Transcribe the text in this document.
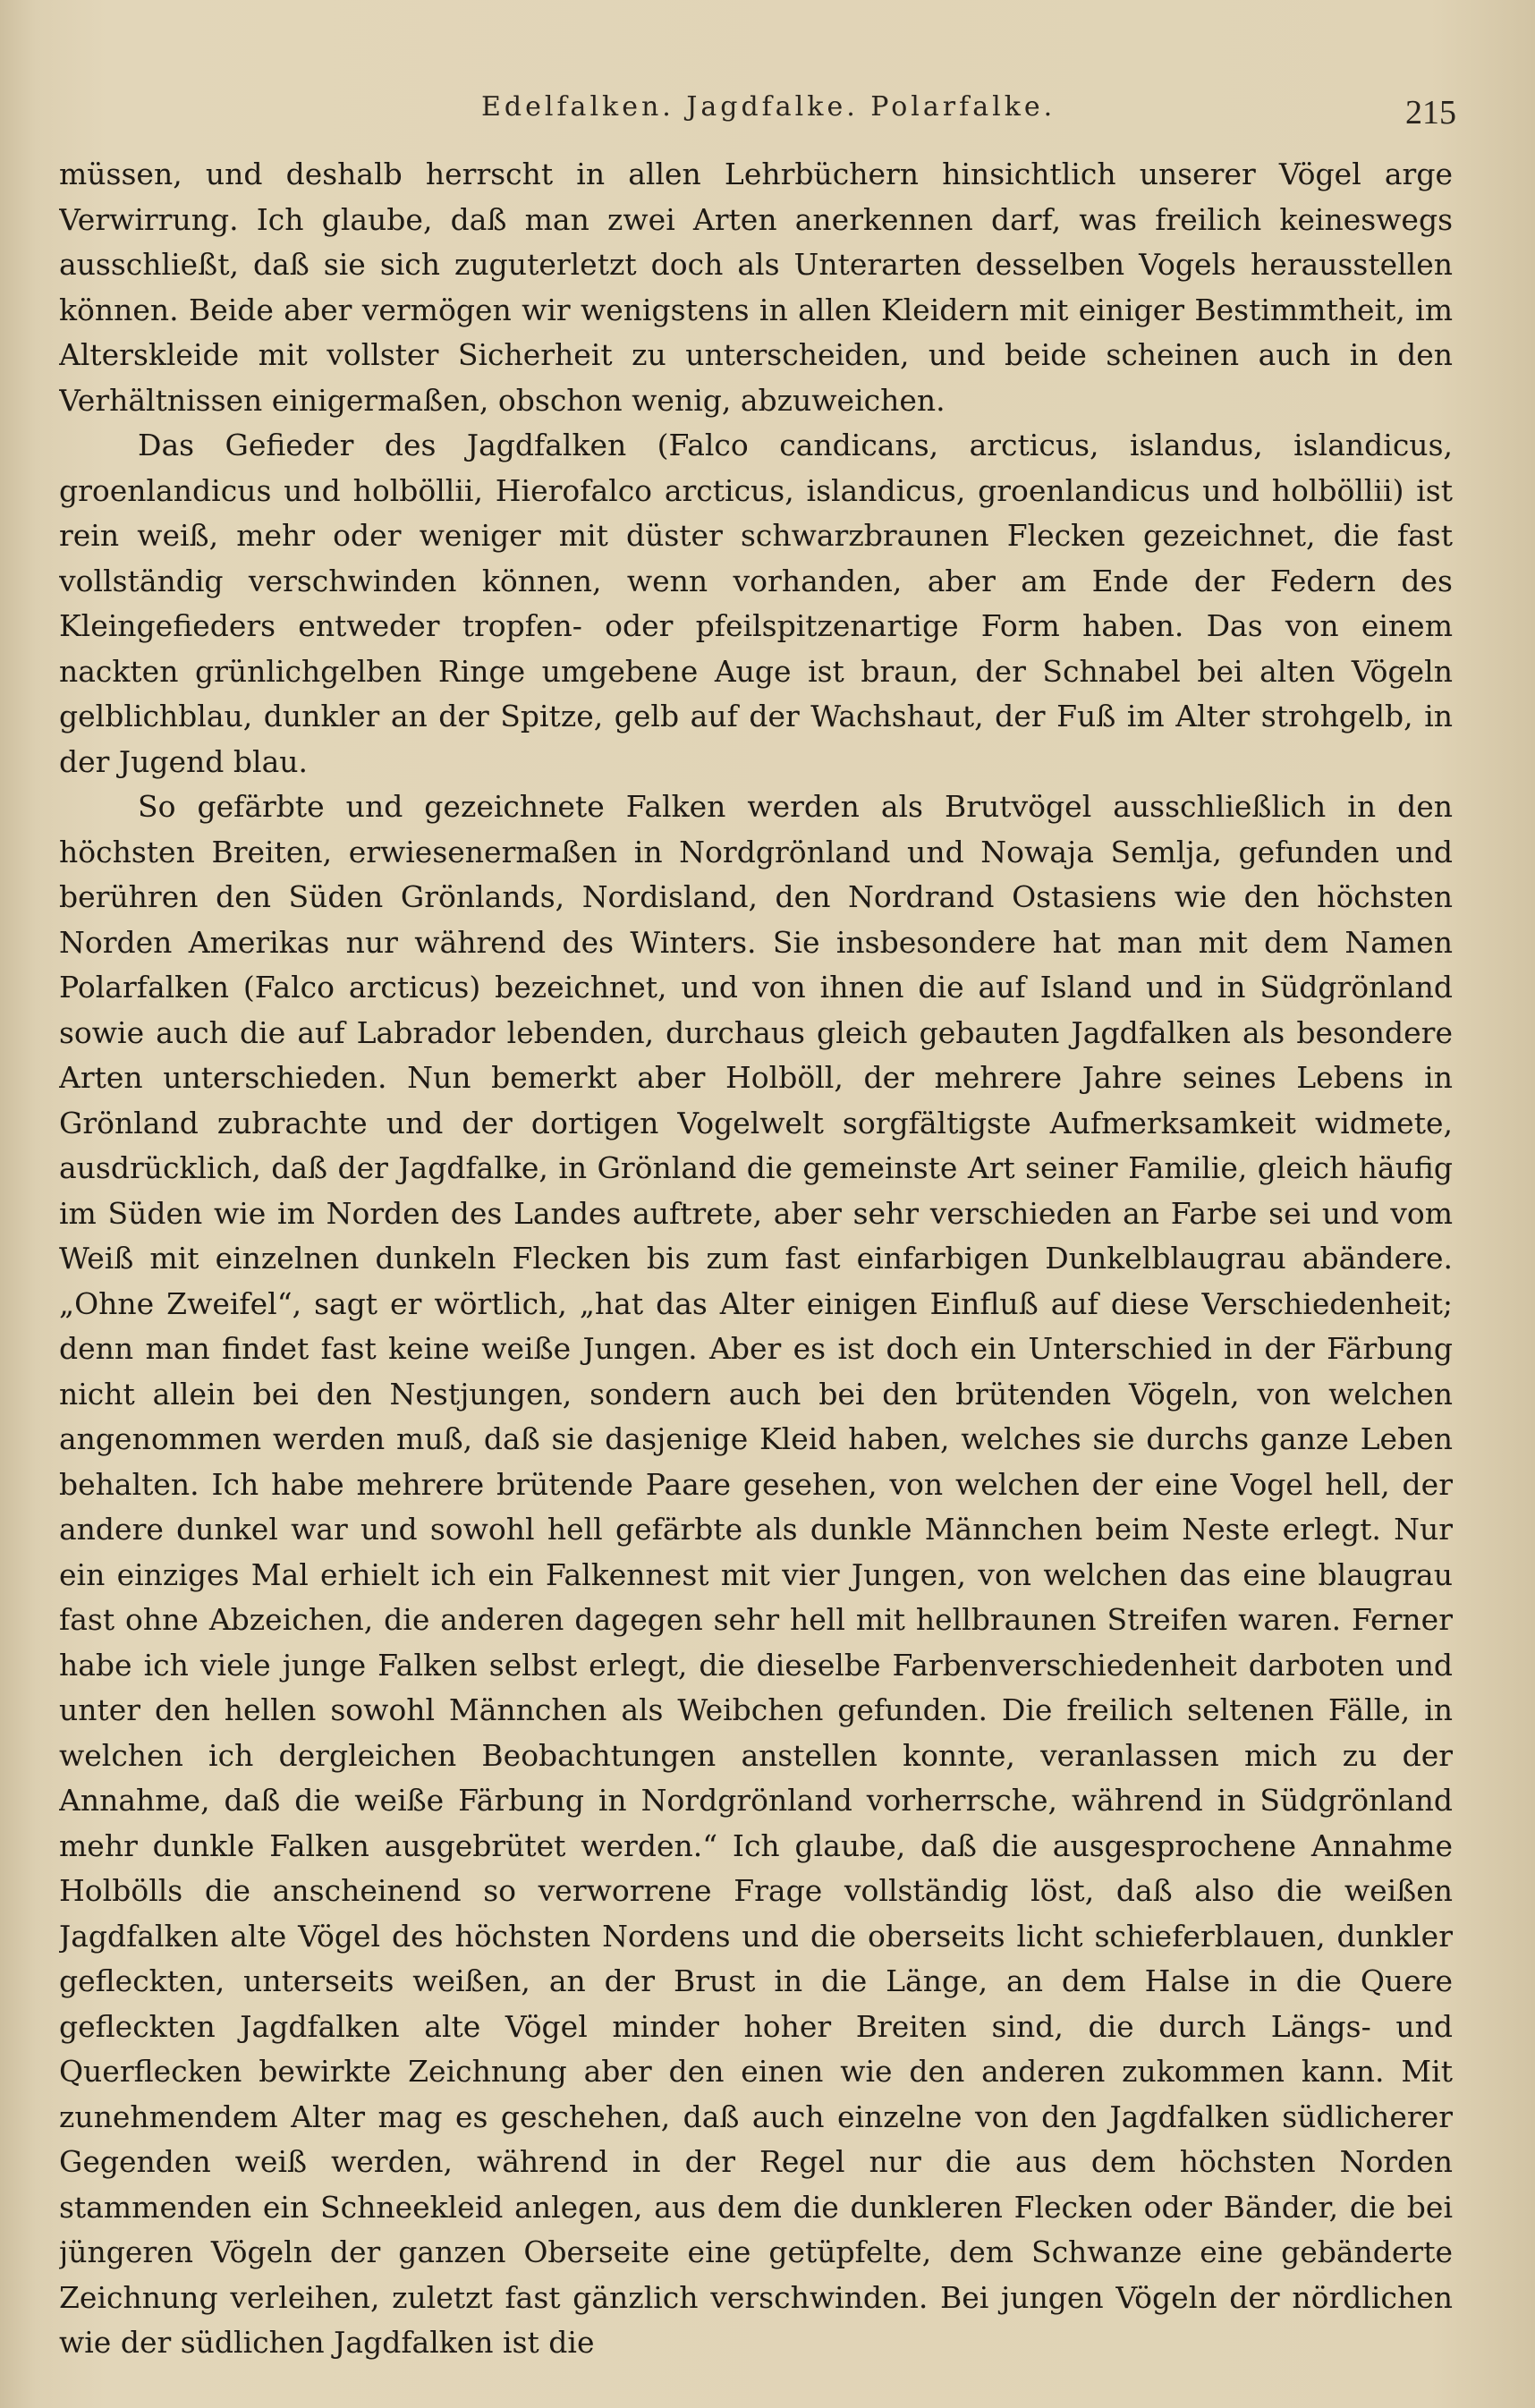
Edelfalken. Jagdfalke. Polarfalke.	215

müssen, und deshalb herrscht in allen Lehrbüchern hinsichtlich unserer Vögel arge Verwirrung. Ich glaube, daß man zwei Arten anerkennen darf, was freilich keineswegs ausschließt, daß sie sich zuguterletzt doch als Unterarten desselben Vogels herausstellen können. Beide aber vermögen wir wenigstens in allen Kleidern mit einiger Bestimmtheit, im Alterskleide mit vollster Sicherheit zu unterscheiden, und beide scheinen auch in den Verhältnissen einigermaßen, obschon wenig, abzuweichen.

Das Gefieder des Jagdfalken (Falco candicans, arcticus, islandus, islandicus, groenlandicus und holböllii, Hierofalco arcticus, islandicus, groenlandicus und holböllii) ist rein weiß, mehr oder weniger mit düster schwarzbraunen Flecken gezeichnet, die fast vollständig verschwinden können, wenn vorhanden, aber am Ende der Federn des Kleingefieders entweder tropfen- oder pfeilspitzenartige Form haben. Das von einem nackten grünlichgelben Ringe umgebene Auge ist braun, der Schnabel bei alten Vögeln gelblichblau, dunkler an der Spitze, gelb auf der Wachshaut, der Fuß im Alter strohgelb, in der Jugend blau.

So gefärbte und gezeichnete Falken werden als Brutvögel ausschließlich in den höchsten Breiten, erwiesenermaßen in Nordgrönland und Nowaja Semlja, gefunden und berühren den Süden Grönlands, Nordisland, den Nordrand Ostasiens wie den höchsten Norden Amerikas nur während des Winters. Sie insbesondere hat man mit dem Namen Polarfalken (Falco arcticus) bezeichnet, und von ihnen die auf Island und in Südgrönland sowie auch die auf Labrador lebenden, durchaus gleich gebauten Jagdfalken als besondere Arten unterschieden. Nun bemerkt aber Holböll, der mehrere Jahre seines Lebens in Grönland zubrachte und der dortigen Vogelwelt sorgfältigste Aufmerksamkeit widmete, ausdrücklich, daß der Jagdfalke, in Grönland die gemeinste Art seiner Familie, gleich häufig im Süden wie im Norden des Landes auftrete, aber sehr verschieden an Farbe sei und vom Weiß mit einzelnen dunkeln Flecken bis zum fast einfarbigen Dunkelblaugrau abändere. „Ohne Zweifel“, sagt er wörtlich, „hat das Alter einigen Einfluß auf diese Verschiedenheit; denn man findet fast keine weiße Jungen. Aber es ist doch ein Unterschied in der Färbung nicht allein bei den Nestjungen, sondern auch bei den brütenden Vögeln, von welchen angenommen werden muß, daß sie dasjenige Kleid haben, welches sie durchs ganze Leben behalten. Ich habe mehrere brütende Paare gesehen, von welchen der eine Vogel hell, der andere dunkel war und sowohl hell gefärbte als dunkle Männchen beim Neste erlegt. Nur ein einziges Mal erhielt ich ein Falkennest mit vier Jungen, von welchen das eine blaugrau fast ohne Abzeichen, die anderen dagegen sehr hell mit hellbraunen Streifen waren. Ferner habe ich viele junge Falken selbst erlegt, die dieselbe Farbenverschiedenheit darboten und unter den hellen sowohl Männchen als Weibchen gefunden. Die freilich seltenen Fälle, in welchen ich dergleichen Beobachtungen anstellen konnte, veranlassen mich zu der Annahme, daß die weiße Färbung in Nordgrönland vorherrsche, während in Südgrönland mehr dunkle Falken ausgebrütet werden.“ Ich glaube, daß die ausgesprochene Annahme Holbölls die anscheinend so verworrene Frage vollständig löst, daß also die weißen Jagdfalken alte Vögel des höchsten Nordens und die oberseits licht schieferblauen, dunkler gefleckten, unterseits weißen, an der Brust in die Länge, an dem Halse in die Quere gefleckten Jagdfalken alte Vögel minder hoher Breiten sind, die durch Längs- und Querflecken bewirkte Zeichnung aber den einen wie den anderen zukommen kann. Mit zunehmendem Alter mag es geschehen, daß auch einzelne von den Jagdfalken südlicherer Gegenden weiß werden, während in der Regel nur die aus dem höchsten Norden stammenden ein Schneekleid anlegen, aus dem die dunkleren Flecken oder Bänder, die bei jüngeren Vögeln der ganzen Oberseite eine getüpfelte, dem Schwanze eine gebänderte Zeichnung verleihen, zuletzt fast gänzlich verschwinden. Bei jungen Vögeln der nördlichen wie der südlichen Jagdfalken ist die
